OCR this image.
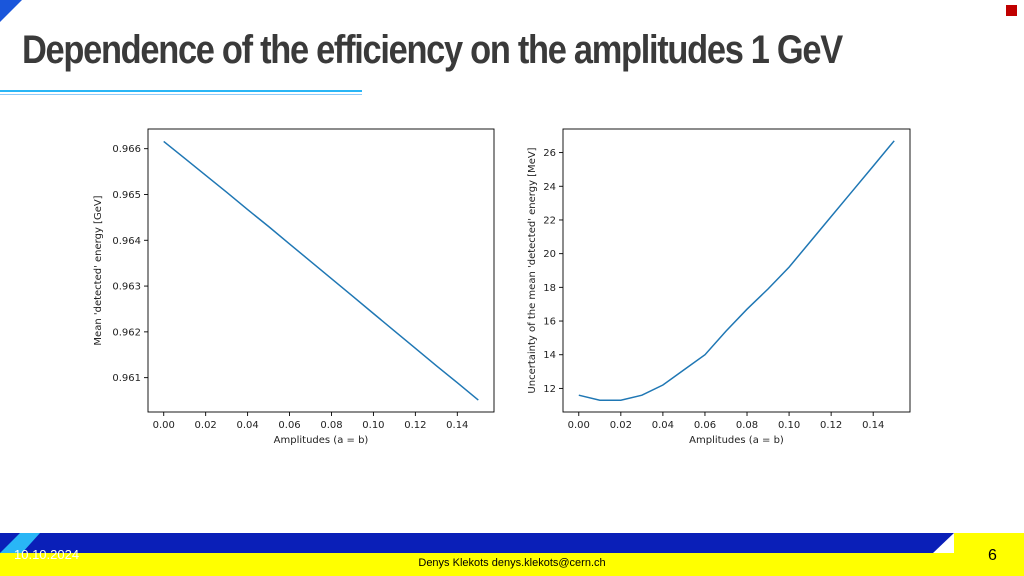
Dependence of the efficiency on the amplitudes 1 GeV
0.00 0.02 0.04 0.06 0.08 0.10 0.12 0.14
0.961
0.962
0.963
0.964
0.965
0.966
Amplitudes (a = b)
Mean 'detected' energy [GeV]
0.00 0.02 0.04 0.06 0.08 0.10 0.12 0.14
12
14
16
18
20
22
24
26
Amplitudes (a = b)
Uncertainty of the mean 'detected' energy [MeV]
10.10.2024
Denys Klekots denys.klekots@cern.ch	6
